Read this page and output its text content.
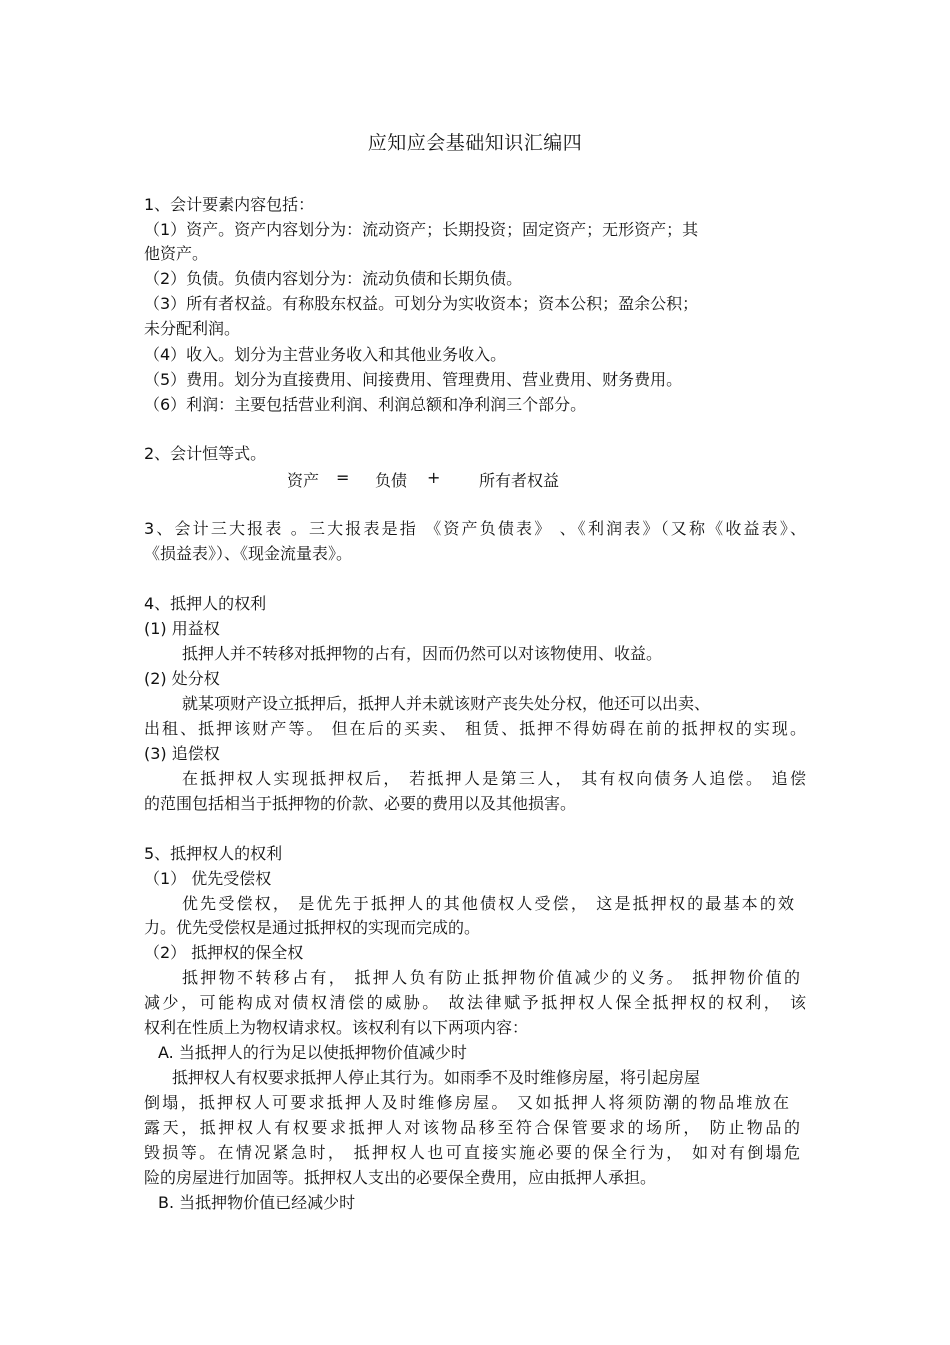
应知应会基础知识汇编四
1、会计要素内容包括：
（1）资产。资产内容划分为：流动资产；长期投资；固定资产；无形资产；其
他资产。
（2）负债。负债内容划分为：流动负债和长期负债。
（3）所有者权益。有称股东权益。可划分为实收资本；资本公积；盈余公积；
未分配利润。
（4）收入。划分为主营业务收入和其他业务收入。
（5）费用。划分为直接费用、间接费用、管理费用、营业费用、财务费用。
（6）利润：主要包括营业利润、利润总额和净利润三个部分。
2、会计恒等式。
资产 = 负债 + 所有者权益
3、会计三大报表 。三大报表是指 《资产负债表》 、《利润表》（又称《收益表》、
《损益表》）、《现金流量表》。
4、抵押人的权利
(1) 用益权
抵押人并不转移对抵押物的占有，因而仍然可以对该物使用、收益。
(2) 处分权
就某项财产设立抵押后，抵押人并未就该财产丧失处分权，他还可以出卖、
出租、抵押该财产等。 但在后的买卖、 租赁、抵押不得妨碍在前的抵押权的实现。
(3) 追偿权
在抵押权人实现抵押权后， 若抵押人是第三人， 其有权向债务人追偿。 追偿
的范围包括相当于抵押物的价款、必要的费用以及其他损害。
5、抵押权人的权利
（1） 优先受偿权
优先受偿权， 是优先于抵押人的其他债权人受偿， 这是抵押权的最基本的效
力。优先受偿权是通过抵押权的实现而完成的。
（2） 抵押权的保全权
抵押物不转移占有， 抵押人负有防止抵押物价值减少的义务。 抵押物价值的
减少，可能构成对债权清偿的威胁。 故法律赋予抵押权人保全抵押权的权利， 该
权利在性质上为物权请求权。该权利有以下两项内容：
A. 当抵押人的行为足以使抵押物价值减少时
抵押权人有权要求抵押人停止其行为。如雨季不及时维修房屋，将引起房屋
倒塌，抵押权人可要求抵押人及时维修房屋。 又如抵押人将须防潮的物品堆放在
露天，抵押权人有权要求抵押人对该物品移至符合保管要求的场所， 防止物品的
毁损等。在情况紧急时， 抵押权人也可直接实施必要的保全行为， 如对有倒塌危
险的房屋进行加固等。抵押权人支出的必要保全费用，应由抵押人承担。
B. 当抵押物价值已经减少时
